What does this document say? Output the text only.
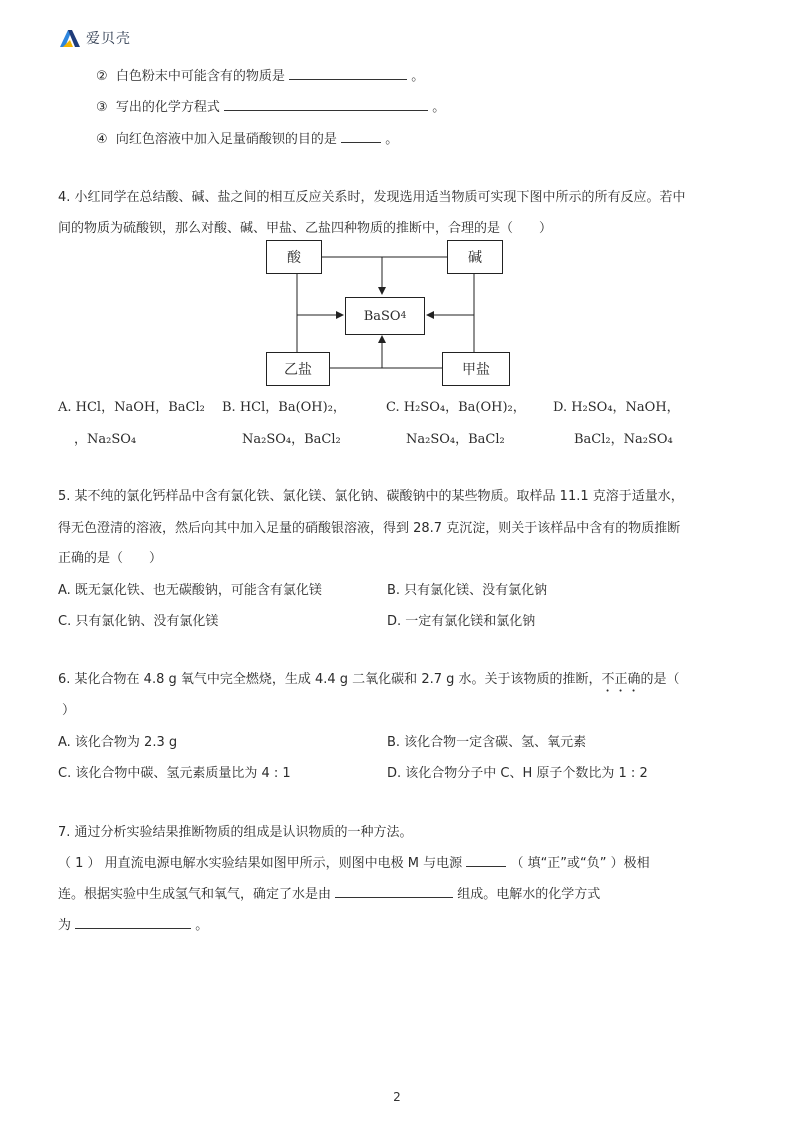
爱贝壳
② 白色粉末中可能含有的物质是	。
③ 写出的化学方程式	。
④ 向红色溶液中加入足量硝酸钡的目的是	。
4. 小红同学在总结酸、碱、盐之间的相互反应关系时，发现选用适当物质可实现下图中所示的所有反应。若中
间的物质为硫酸钡，那么对酸、碱、甲盐、乙盐四种物质的推断中，合理的是（　　）
酸	碱
BaSO 4
乙盐	甲盐
A. HCl，NaOH，BaCl₂
，Na₂SO₄
B. HCl，Ba(OH)₂，
Na₂SO₄，BaCl₂
C. H₂SO₄，Ba(OH)₂，
Na₂SO₄，BaCl₂
D. H₂SO₄，NaOH，
BaCl₂，Na₂SO₄
5. 某不纯的氯化钙样品中含有氯化铁、氯化镁、氯化钠、碳酸钠中的某些物质。取样品 11.1 克溶于适量水，
得无色澄清的溶液，然后向其中加入足量的硝酸银溶液，得到 28.7 克沉淀，则关于该样品中含有的物质推断
正确的是（　　）
A. 既无氯化铁、也无碳酸钠，可能含有氯化镁	B. 只有氯化镁、没有氯化钠
C. 只有氯化钠、没有氯化镁	D. 一定有氯化镁和氯化钠
6. 某化合物在 4.8 g 氧气中完全燃烧，生成 4.4 g 二氧化碳和 2.7 g 水。关于该物质的推断，不正确的是（
）
A. 该化合物为 2.3 g	B. 该化合物一定含碳、氢、氧元素
C. 该化合物中碳、氢元素质量比为 4 : 1	D. 该化合物分子中 C、H 原子个数比为 1 : 2
7. 通过分析实验结果推断物质的组成是认识物质的一种方法。
（ 1 ） 用直流电源电解水实验结果如图甲所示，则图中电极 M 与电源	（ 填“正”或“负” ）极相
连。根据实验中生成氢气和氧气，确定了水是由	组成。电解水的化学方式
为	。
2
